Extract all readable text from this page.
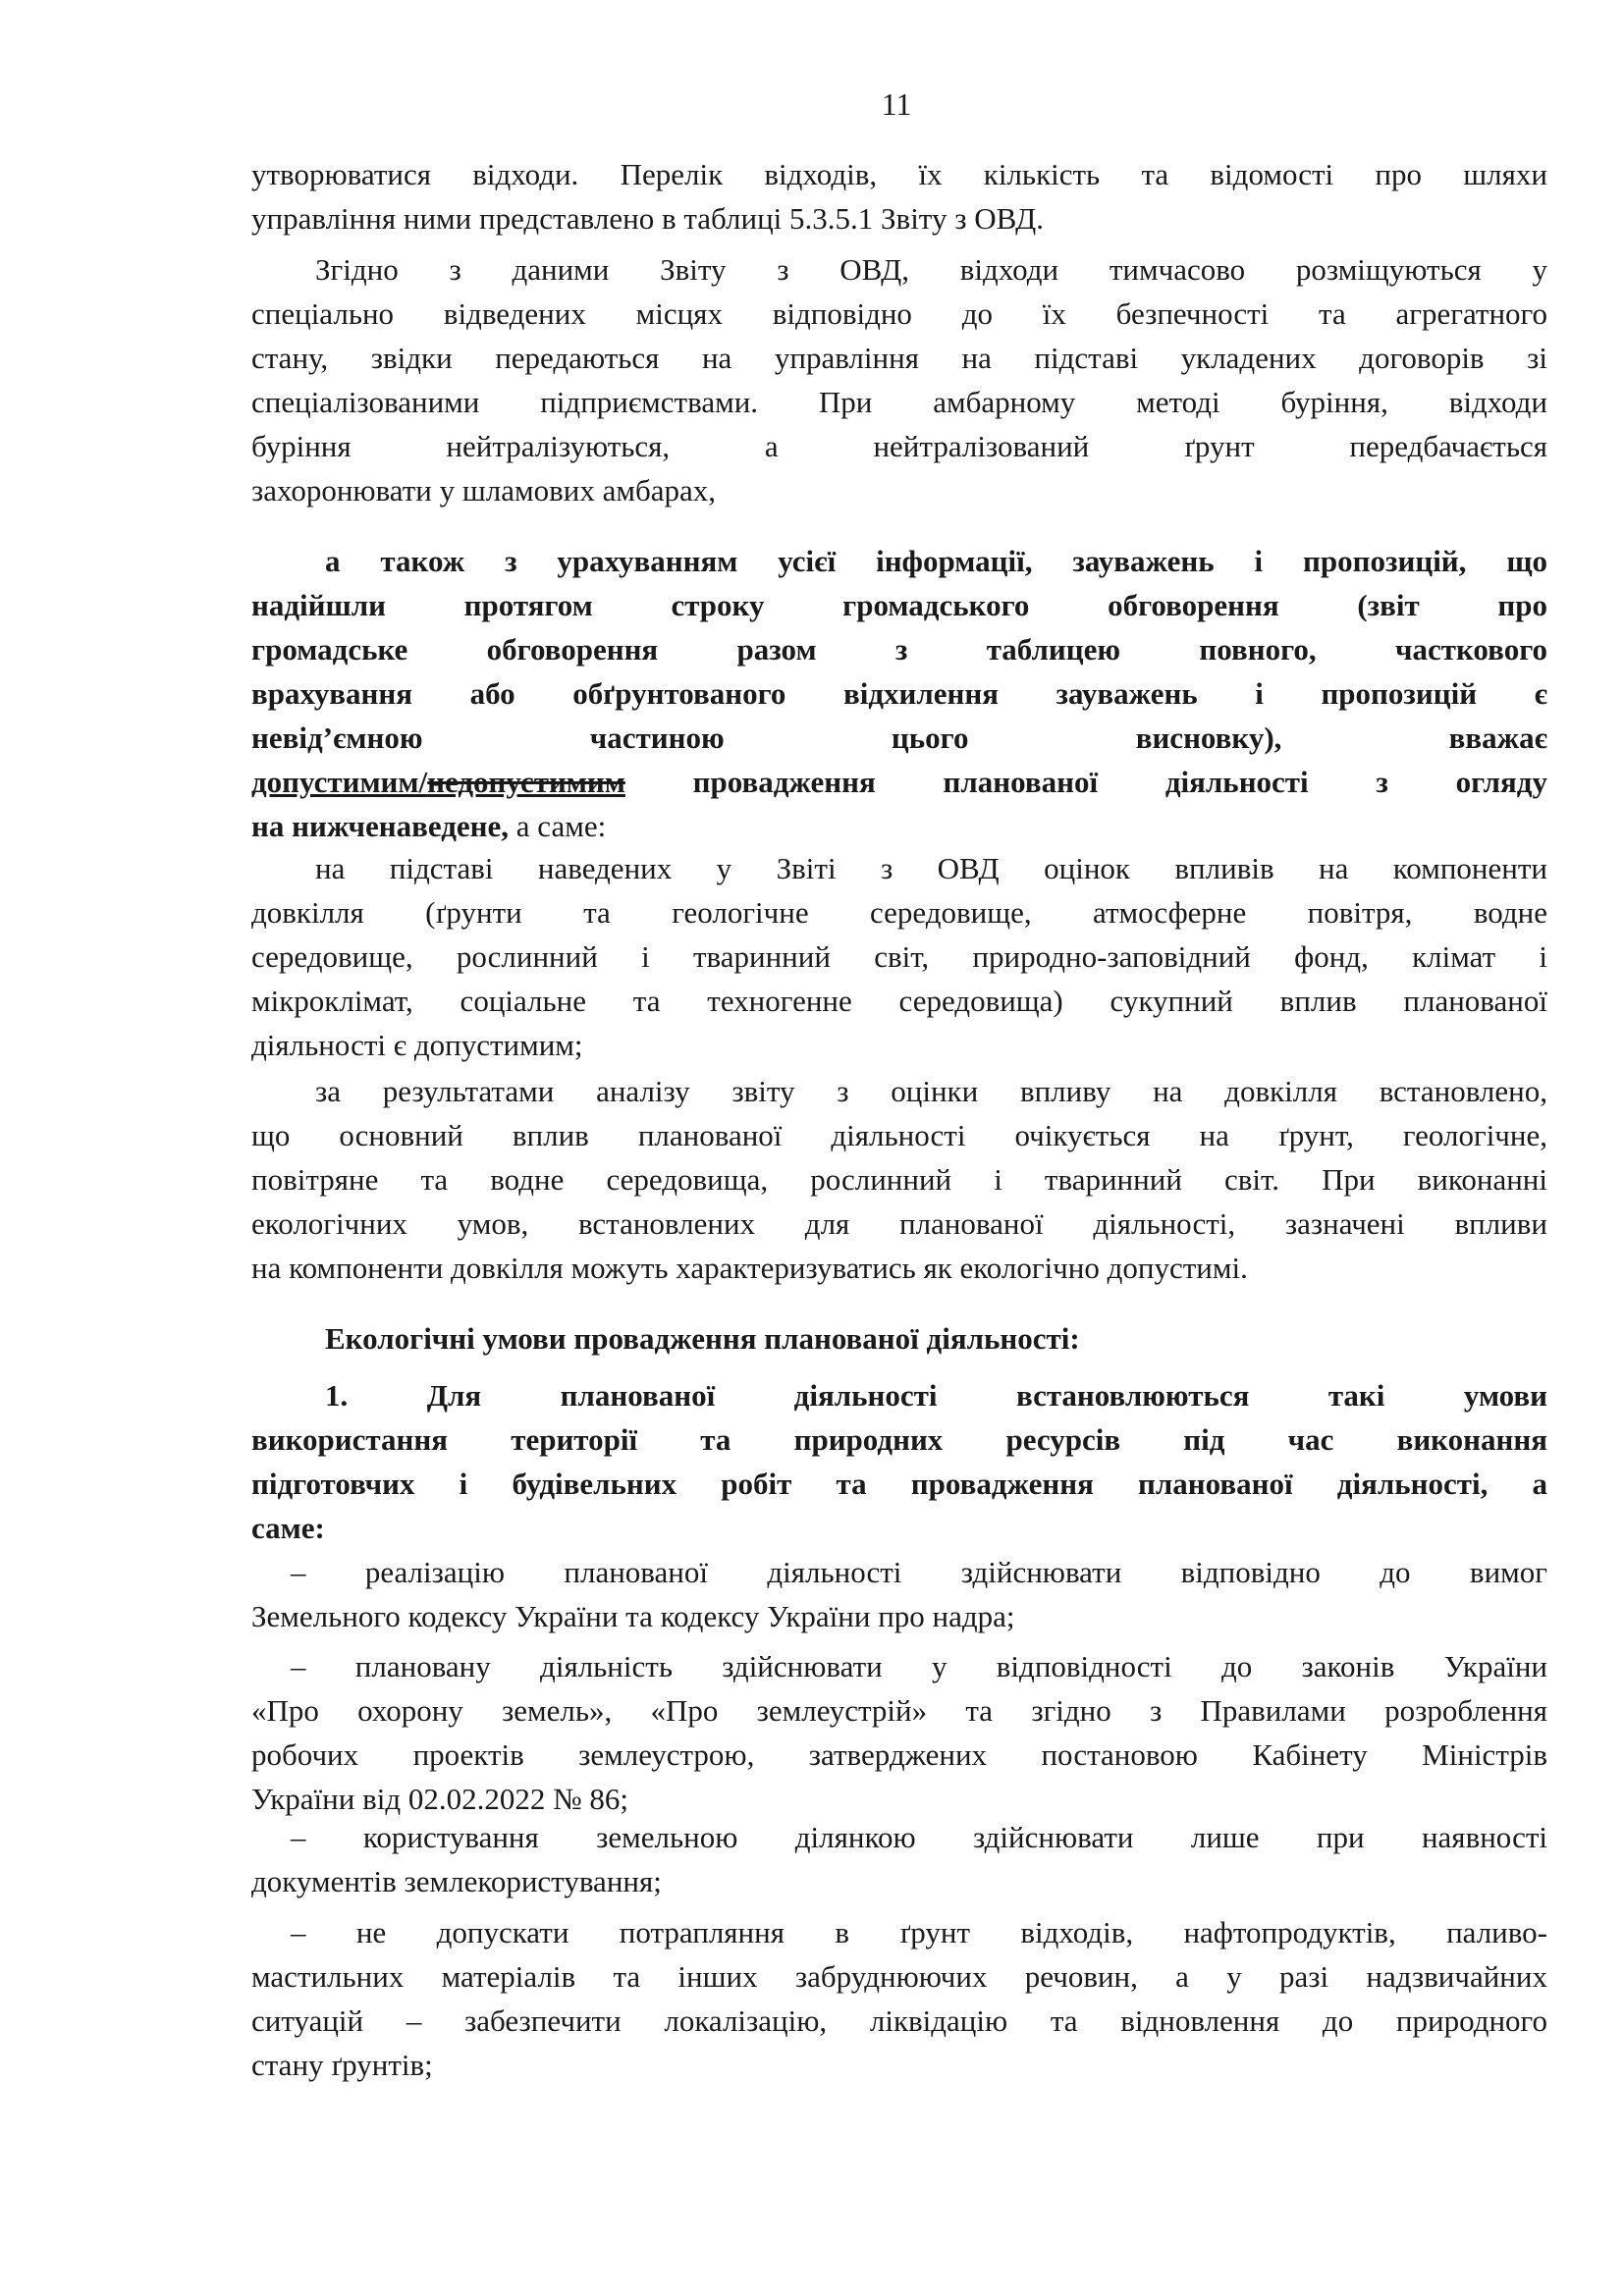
11
утворюватися відходи. Перелік відходів, їх кількість та відомості про шляхи
управління ними представлено в таблиці 5.3.5.1 Звіту з ОВД.
Згідно з даними Звіту з ОВД, відходи тимчасово розміщуються у
спеціально відведених місцях відповідно до їх безпечності та агрегатного
стану, звідки передаються на управління на підставі укладених договорів зі
спеціалізованими підприємствами. При амбарному методі буріння, відходи
буріння нейтралізуються, а нейтралізований ґрунт передбачається
захоронювати у шламових амбарах,
а також з урахуванням усієї інформації, зауважень і пропозицій, що
надійшли протягом строку громадського обговорення (звіт про
громадське обговорення разом з таблицею повного, часткового
врахування або обґрунтованого відхилення зауважень і пропозицій є
невід’ємною частиною цього висновку), вважає
допустимим/недопустимим провадження планованої діяльності з огляду
на нижченаведене, а саме:
на підставі наведених у Звіті з ОВД оцінок впливів на компоненти
довкілля (ґрунти та геологічне середовище, атмосферне повітря, водне
середовище, рослинний і тваринний світ, природно-заповідний фонд, клімат і
мікроклімат, соціальне та техногенне середовища) сукупний вплив планованої
діяльності є допустимим;
за результатами аналізу звіту з оцінки впливу на довкілля встановлено,
що основний вплив планованої діяльності очікується на ґрунт, геологічне,
повітряне та водне середовища, рослинний і тваринний світ. При виконанні
екологічних умов, встановлених для планованої діяльності, зазначені впливи
на компоненти довкілля можуть характеризуватись як екологічно допустимі.
Екологічні умови провадження планованої діяльності:
1. Для планованої діяльності встановлюються такі умови
використання території та природних ресурсів під час виконання
підготовчих і будівельних робіт та провадження планованої діяльності, а
саме:
– реалізацію планованої діяльності здійснювати відповідно до вимог
Земельного кодексу України та кодексу України про надра;
– плановану діяльність здійснювати у відповідності до законів України
«Про охорону земель», «Про землеустрій» та згідно з Правилами розроблення
робочих проектів землеустрою, затверджених постановою Кабінету Міністрів
України від 02.02.2022 № 86;
– користування земельною ділянкою здійснювати лише при наявності
документів землекористування;
– не допускати потрапляння в ґрунт відходів, нафтопродуктів, паливо-
мастильних матеріалів та інших забруднюючих речовин, а у разі надзвичайних
ситуацій – забезпечити локалізацію, ліквідацію та відновлення до природного
стану ґрунтів;
